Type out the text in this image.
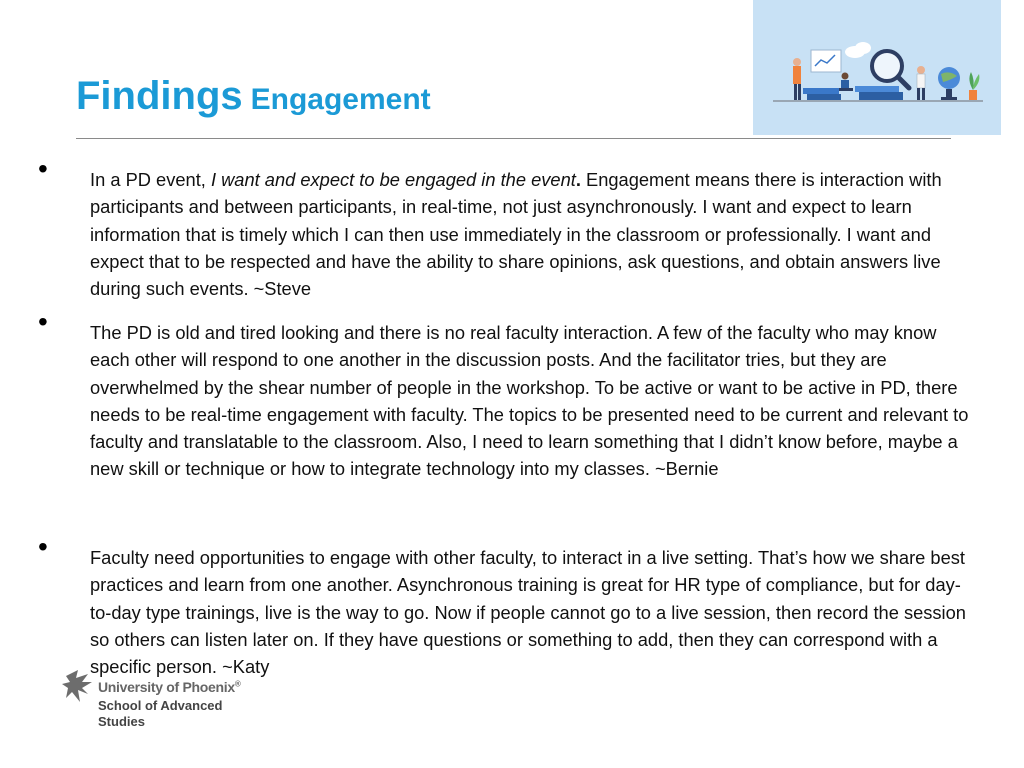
Findings Engagement
• In a PD event, I want and expect to be engaged in the event. Engagement means there is interaction with participants and between participants, in real-time, not just asynchronously. I want and expect to learn information that is timely which I can then use immediately in the classroom or professionally. I want and expect that to be respected and have the ability to share opinions, ask questions, and obtain answers live during such events. ~Steve
• The PD is old and tired looking and there is no real faculty interaction. A few of the faculty who may know each other will respond to one another in the discussion posts. And the facilitator tries, but they are overwhelmed by the shear number of people in the workshop. To be active or want to be active in PD, there needs to be real-time engagement with faculty. The topics to be presented need to be current and relevant to faculty and translatable to the classroom. Also, I need to learn something that I didn’t know before, maybe a new skill or technique or how to integrate technology into my classes. ~Bernie
• Faculty need opportunities to engage with other faculty, to interact in a live setting. That’s how we share best practices and learn from one another. Asynchronous training is great for HR type of compliance, but for day-to-day type trainings, live is the way to go. Now if people cannot go to a live session, then record the session so others can listen later on. If they have questions or something to add, then they can correspond with a specific person. ~Katy
University of Phoenix®
School of Advanced Studies
